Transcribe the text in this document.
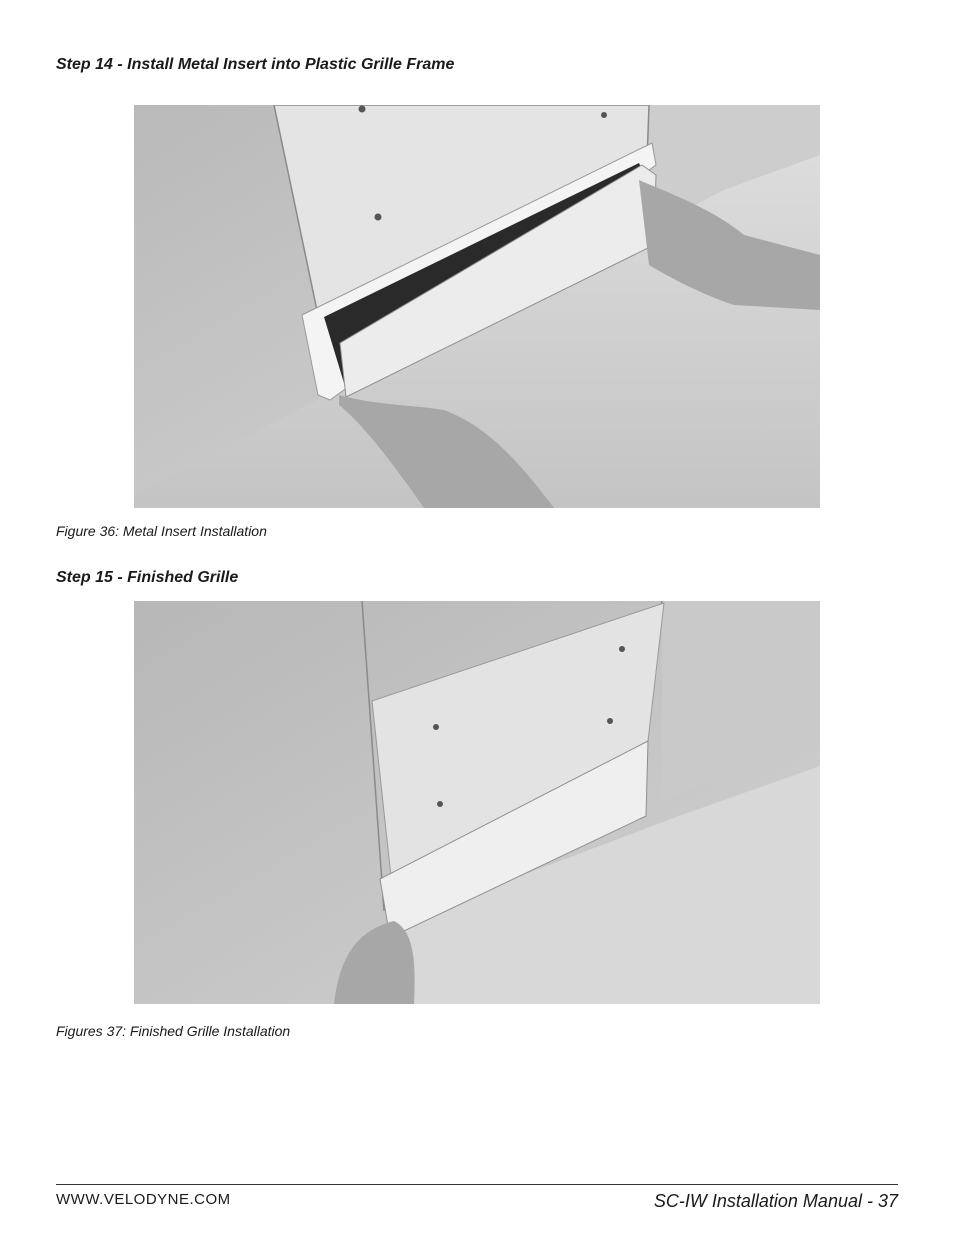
Step 14 - Install Metal Insert into Plastic Grille Frame

Figure 36: Metal Insert Installation

Step 15 - Finished Grille

Figures 37: Finished Grille Installation

WWW.VELODYNE.COM	SC-IW Installation Manual - 37
